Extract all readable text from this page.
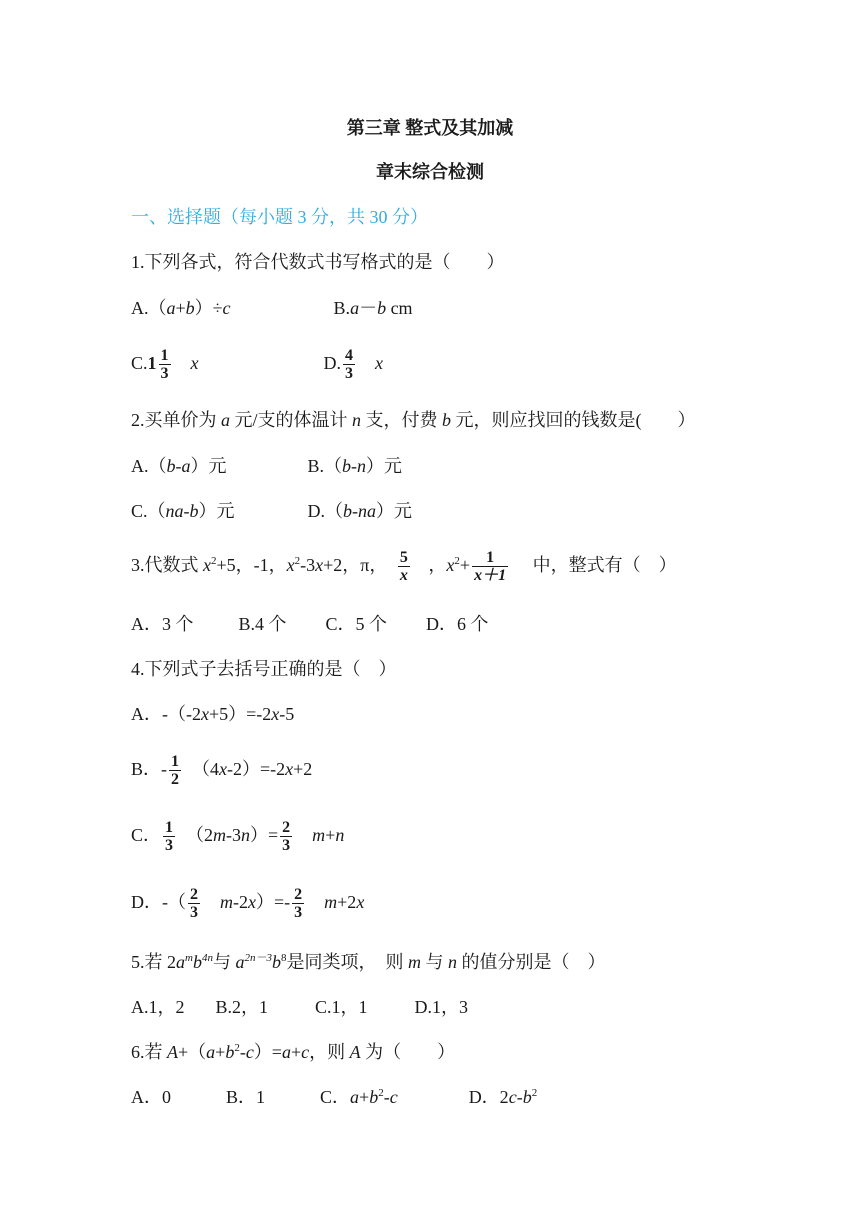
第三章 整式及其加减
章末综合检测
一、选择题（每小题 3 分，共 30 分）
1.下列各式，符合代数式书写格式的是（　　）
A.（a+b）÷c	B.a－b cm
$C.1 \frac{1}{3}$
　 x	D. $\frac{4}{3}$
　 x
2.买单价为 a 元/支的体温计 n 支，付费 b 元，则应找回的钱数是(　　）
A.（b-a）元	B.（b-n）元
C.（na-b）元	D.（b-na）元
3.代数式 $x^2+5$，-1，$x^2-3x+2$，π， $\frac{5}{x}$ ，$x^2+ \frac{1}{x+1}$ 中，整式有（　）
A．3 个	B.4 个 C．5 个 D．6 个
4.下列式子去括号正确的是（　）
A．-（-2x+5）=-2x-5
B．- $\frac{1}{2}$
　 （4x-2）=-2x+2
C． $\frac{1}{3}$
　 $(2m-3n)= \frac{2}{3}$
　 m+n
D．-（ $\frac{2}{3}$
　 $m-2x)=- \frac{2}{3}$
　 m+2x
5.若 $2a^mb^{4n}$与 $a^{2n-3}b^8$是同类项，　则 m 与 n 的值分别是（　）
A.1，2 B.2，1	C.1，1	D.1，3
6.若 $A+(a+b^2-c)=a+c$，则 A 为（　　）
A．0	B．1	C．$a+b^2-c$	D．$2c-b^2$
